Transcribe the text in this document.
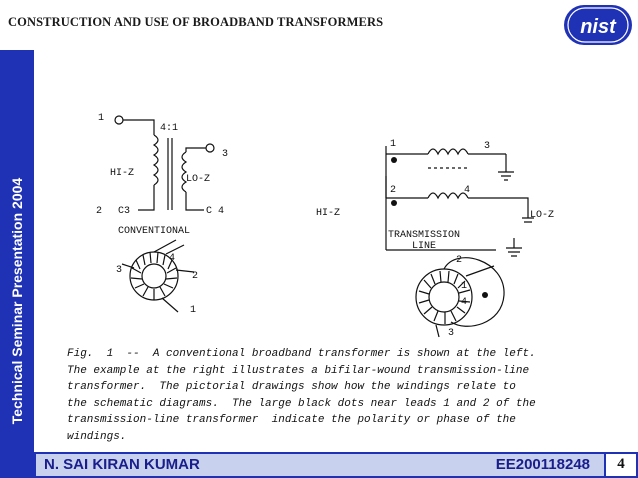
CONSTRUCTION AND USE OF BROADBAND TRANSFORMERS	nist
Technical Seminar Presentation 2004
1
4:1
HI-Z
LO-Z
3
2 C3	C 4
CONVENTIONAL
3
4
2
1
1	3
2	4
HI-Z	LO-Z
TRANSMISSION
LINE
2
1
4
3
Fig.  1  --  A conventional broadband transformer is shown at the left.
The example at the right illustrates a bifilar-wound transmission-line
transformer.  The pictorial drawings show how the windings relate to
the schematic diagrams.  The large black dots near leads 1 and 2 of the
transmission-line transformer  indicate the polarity or phase of the
windings.
N. SAI KIRAN KUMAR	EE200118248	4
